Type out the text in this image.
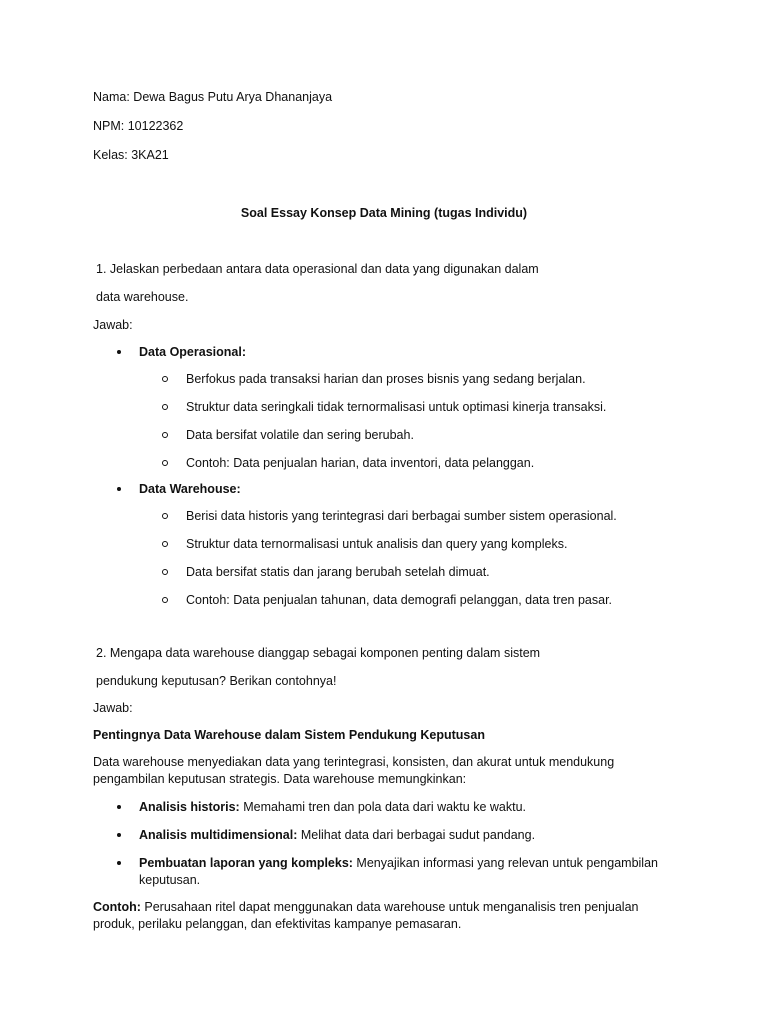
Nama: Dewa Bagus Putu Arya Dhananjaya
NPM: 10122362
Kelas: 3KA21
Soal Essay Konsep Data Mining (tugas Individu)
1. Jelaskan perbedaan antara data operasional dan data yang digunakan dalam
data warehouse.
Jawab:
Data Operasional:
Berfokus pada transaksi harian dan proses bisnis yang sedang berjalan.
Struktur data seringkali tidak ternormalisasi untuk optimasi kinerja transaksi.
Data bersifat volatile dan sering berubah.
Contoh: Data penjualan harian, data inventori, data pelanggan.
Data Warehouse:
Berisi data historis yang terintegrasi dari berbagai sumber sistem operasional.
Struktur data ternormalisasi untuk analisis dan query yang kompleks.
Data bersifat statis dan jarang berubah setelah dimuat.
Contoh: Data penjualan tahunan, data demografi pelanggan, data tren pasar.
2. Mengapa data warehouse dianggap sebagai komponen penting dalam sistem
pendukung keputusan? Berikan contohnya!
Jawab:
Pentingnya Data Warehouse dalam Sistem Pendukung Keputusan
Data warehouse menyediakan data yang terintegrasi, konsisten, dan akurat untuk mendukung
pengambilan keputusan strategis. Data warehouse memungkinkan:
Analisis historis: Memahami tren dan pola data dari waktu ke waktu.
Analisis multidimensional: Melihat data dari berbagai sudut pandang.
Pembuatan laporan yang kompleks: Menyajikan informasi yang relevan untuk pengambilan
keputusan.
Contoh: Perusahaan ritel dapat menggunakan data warehouse untuk menganalisis tren penjualan
produk, perilaku pelanggan, dan efektivitas kampanye pemasaran.
